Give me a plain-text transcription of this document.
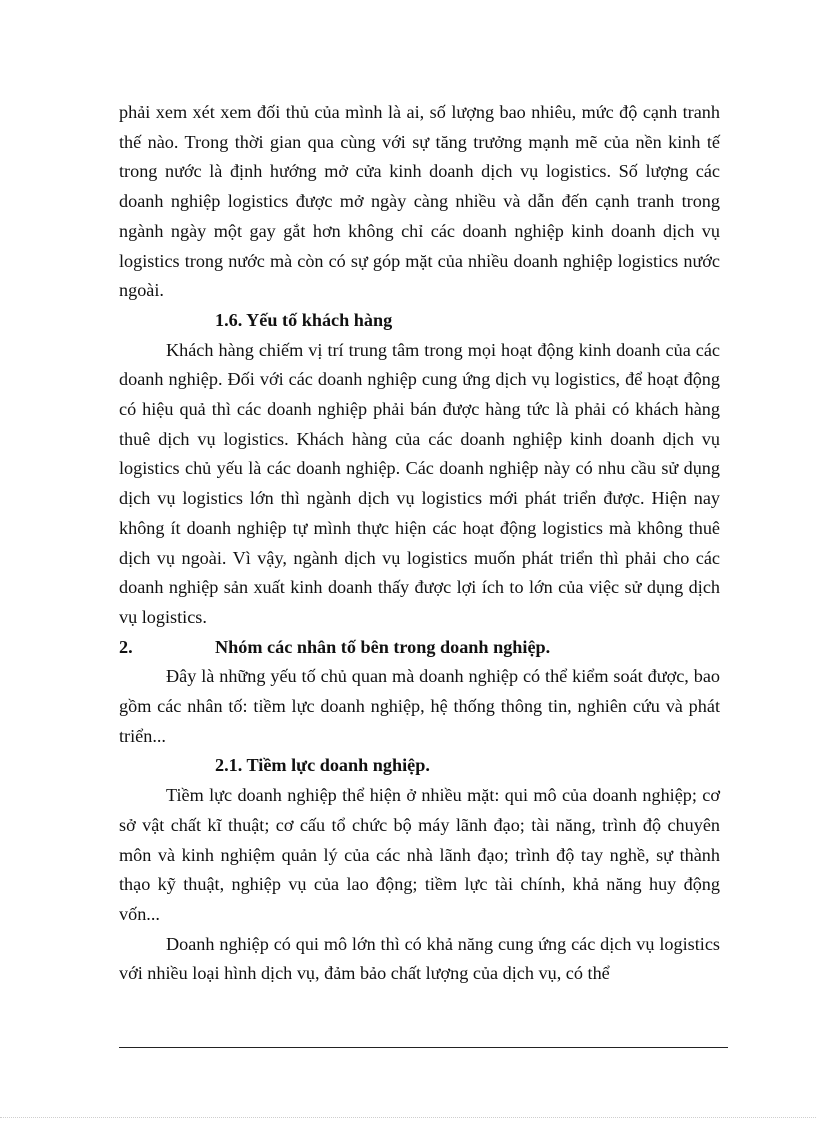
phải xem xét xem đối thủ của mình là ai, số lượng bao nhiêu, mức độ cạnh tranh thế nào. Trong thời gian qua cùng với sự tăng trưởng mạnh mẽ của nền kinh tế trong nước là định hướng mở cửa kinh doanh dịch vụ logistics. Số lượng các doanh nghiệp logistics được mở ngày càng nhiều và dẫn đến cạnh tranh trong ngành ngày một gay gắt hơn không chỉ các doanh nghiệp kinh doanh dịch vụ logistics trong nước mà còn có sự góp mặt của nhiều doanh nghiệp logistics nước ngoài.

1.6. Yếu tố khách hàng

Khách hàng chiếm vị trí trung tâm trong mọi hoạt động kinh doanh của các doanh nghiệp. Đối với các doanh nghiệp cung ứng dịch vụ logistics, để hoạt động có hiệu quả thì các doanh nghiệp phải bán được hàng tức là phải có khách hàng thuê dịch vụ logistics. Khách hàng của các doanh nghiệp kinh doanh dịch vụ logistics chủ yếu là các doanh nghiệp. Các doanh nghiệp này có nhu cầu sử dụng dịch vụ logistics lớn thì ngành dịch vụ logistics mới phát triển được. Hiện nay không ít doanh nghiệp tự mình thực hiện các hoạt động logistics mà không thuê dịch vụ ngoài. Vì vậy, ngành dịch vụ logistics muốn phát triển thì phải cho các doanh nghiệp sản xuất kinh doanh thấy được lợi ích to lớn của việc sử dụng dịch vụ logistics.

2.	Nhóm các nhân tố bên trong doanh nghiệp.

Đây là những yếu tố chủ quan mà doanh nghiệp có thể kiểm soát được, bao gồm các nhân tố: tiềm lực doanh nghiệp, hệ thống thông tin, nghiên cứu và phát triển...

2.1. Tiềm lực doanh nghiệp.

Tiềm lực doanh nghiệp thể hiện ở nhiều mặt: qui mô của doanh nghiệp; cơ sở vật chất kĩ thuật; cơ cấu tổ chức bộ máy lãnh đạo; tài năng, trình độ chuyên môn và kinh nghiệm quản lý của các nhà lãnh đạo; trình độ tay nghề, sự thành thạo kỹ thuật, nghiệp vụ của lao động; tiềm lực tài chính, khả năng huy động vốn...

Doanh nghiệp có qui mô lớn thì có khả năng cung ứng các dịch vụ logistics với nhiều loại hình dịch vụ, đảm bảo chất lượng của dịch vụ, có thể
